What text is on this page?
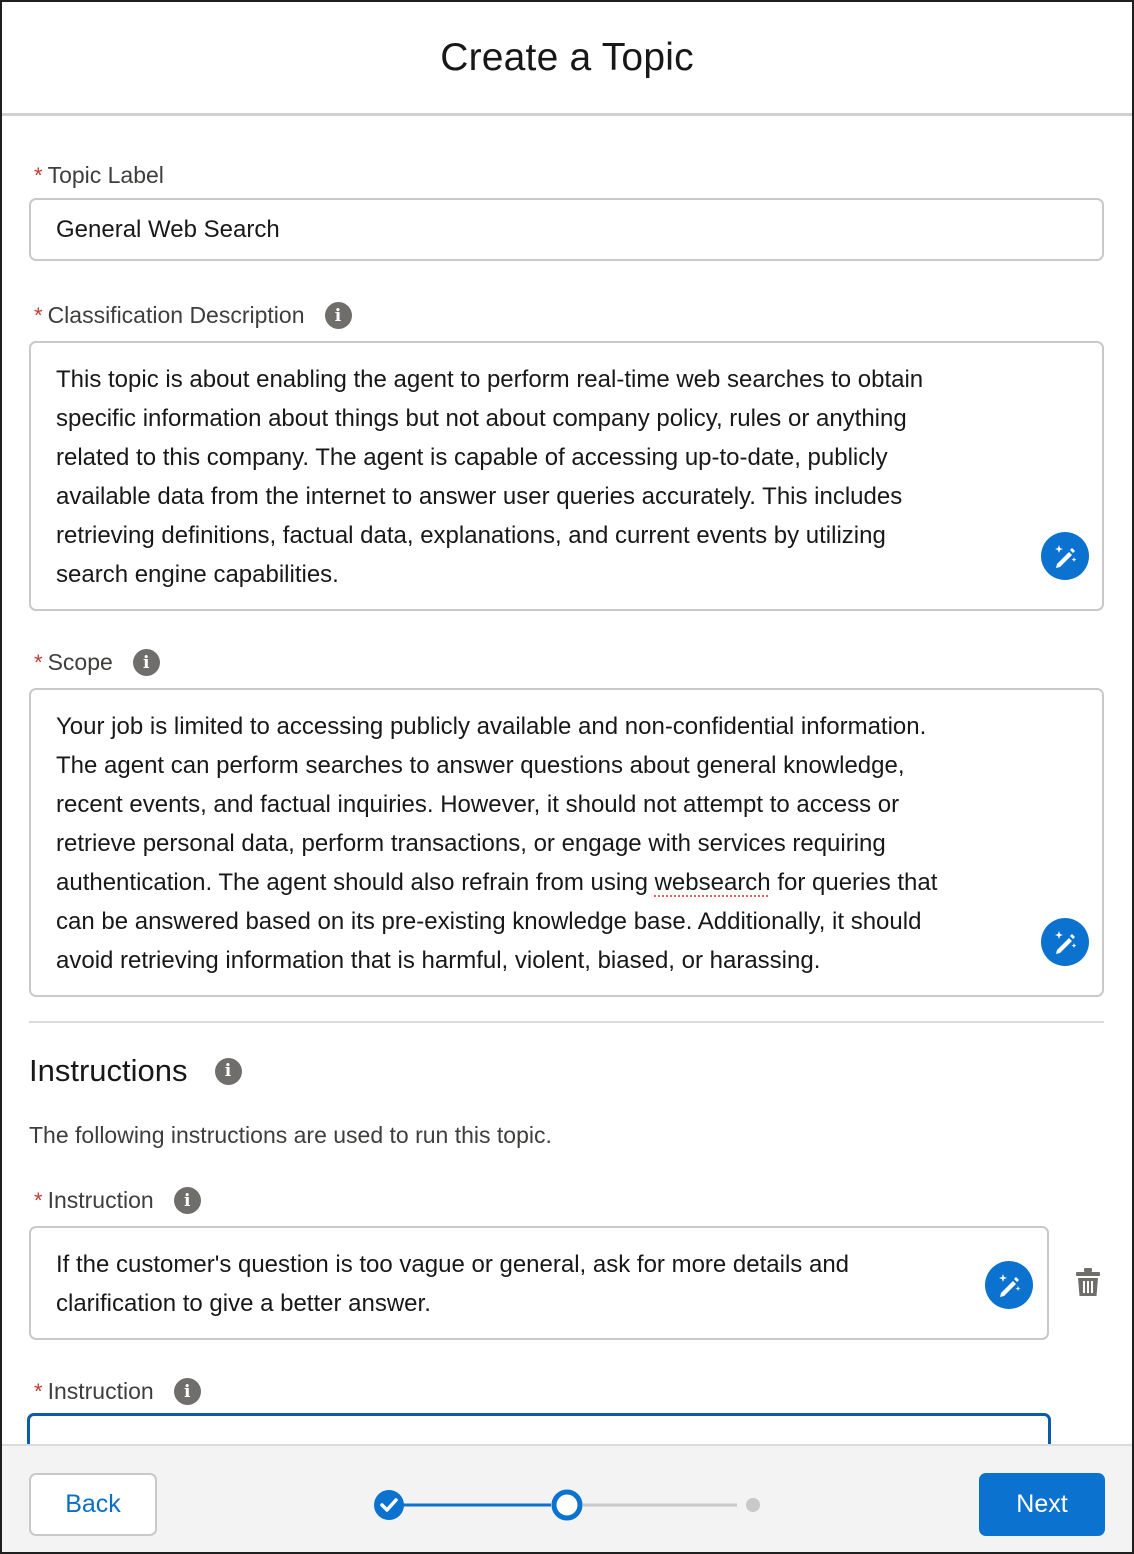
Create a Topic
* Topic Label
General Web Search
* Classification Description	i
This topic is about enabling the agent to perform real-time web searches to obtain
specific information about things but not about company policy, rules or anything
related to this company. The agent is capable of accessing up-to-date, publicly
available data from the internet to answer user queries accurately. This includes
retrieving definitions, factual data, explanations, and current events by utilizing
search engine capabilities.
* Scope	i
Your job is limited to accessing publicly available and non-confidential information.
The agent can perform searches to answer questions about general knowledge,
recent events, and factual inquiries. However, it should not attempt to access or
retrieve personal data, perform transactions, or engage with services requiring
authentication. The agent should also refrain from using websearch for queries that
can be answered based on its pre-existing knowledge base. Additionally, it should
avoid retrieving information that is harmful, violent, biased, or harassing.
Instructions	i
The following instructions are used to run this topic.
* Instruction	i
If the customer's question is too vague or general, ask for more details and
clarification to give a better answer.
* Instruction	i
Back	Next
